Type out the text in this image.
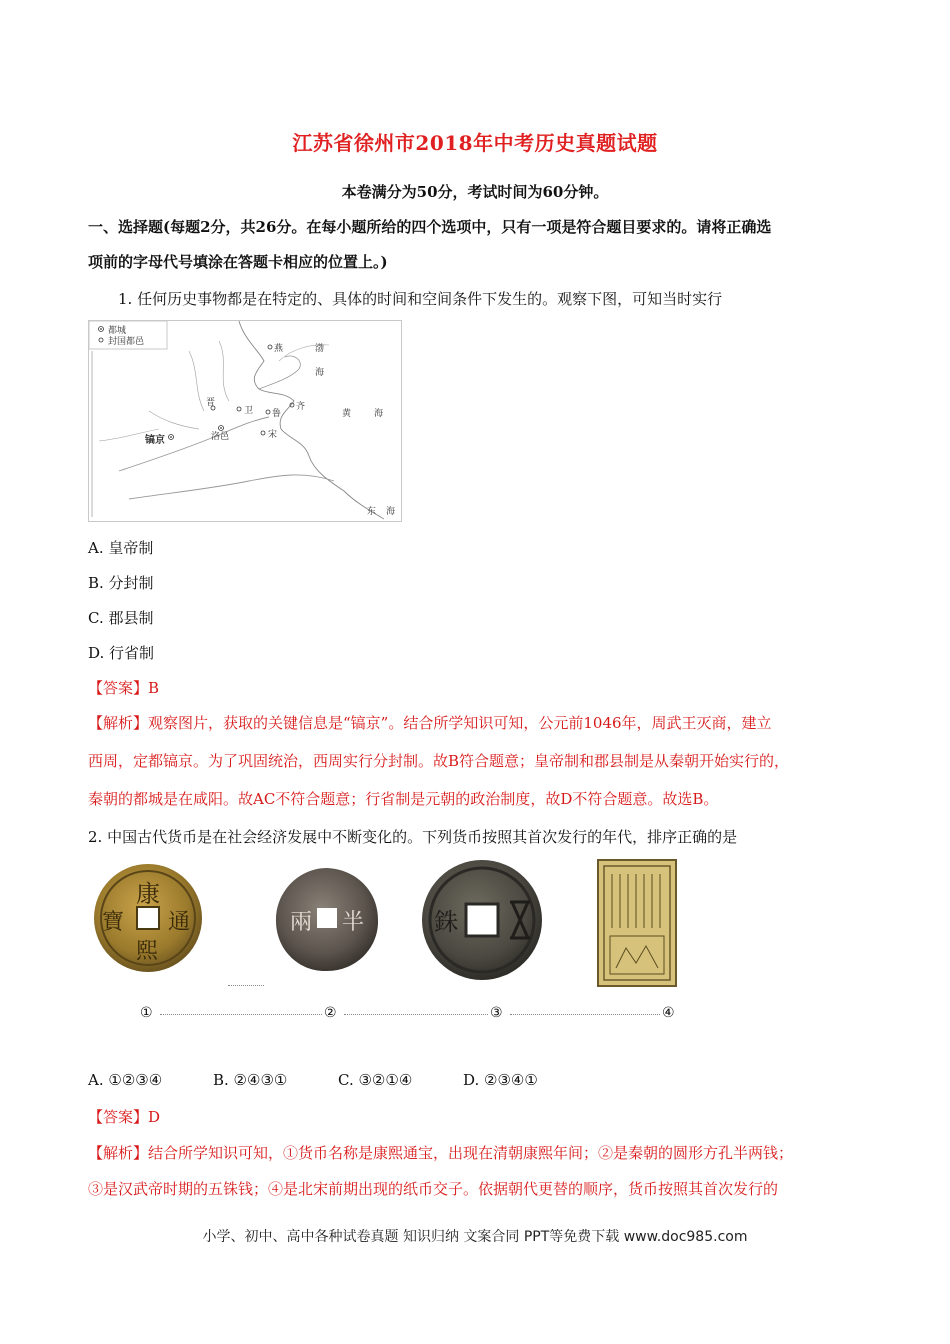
江苏省徐州市2018年中考历史真题试题
本卷满分为50分，考试时间为60分钟。
一、选择题(每题2分，共26分。在每小题所给的四个选项中，只有一项是符合题目要求的。请将正确选
项前的字母代号填涂在答题卡相应的位置上。)
1. 任何历史事物都是在特定的、具体的时间和空间条件下发生的。观察下图，可知当时实行
都城
封国都邑
燕	渤
海
齐
晋
卫 鲁	黄	海
洛邑	宋
镐京
东 海
A. 皇帝制
B. 分封制
C. 郡县制
D. 行省制
【答案】B
【解析】观察图片，获取的关键信息是“镐京”。结合所学知识可知，公元前1046年，周武王灭商，建立
西周，定都镐京。为了巩固统治，西周实行分封制。故B符合题意；皇帝制和郡县制是从秦朝开始实行的，
秦朝的都城是在咸阳。故AC不符合题意；行省制是元朝的政治制度，故D不符合题意。故选B。
2. 中国古代货币是在社会经济发展中不断变化的。下列货币按照其首次发行的年代，排序正确的是
康
熙
寶 通	半
兩	銖
①	②	③	④
A. ①②③④	B. ②④③①	C. ③②①④	D. ②③④①
【答案】D
【解析】结合所学知识可知，①货币名称是康熙通宝，出现在清朝康熙年间；②是秦朝的圆形方孔半两钱；
③是汉武帝时期的五铢钱；④是北宋前期出现的纸币交子。依据朝代更替的顺序，货币按照其首次发行的
小学、初中、高中各种试卷真题 知识归纳 文案合同 PPT等免费下载 www.doc985.com
